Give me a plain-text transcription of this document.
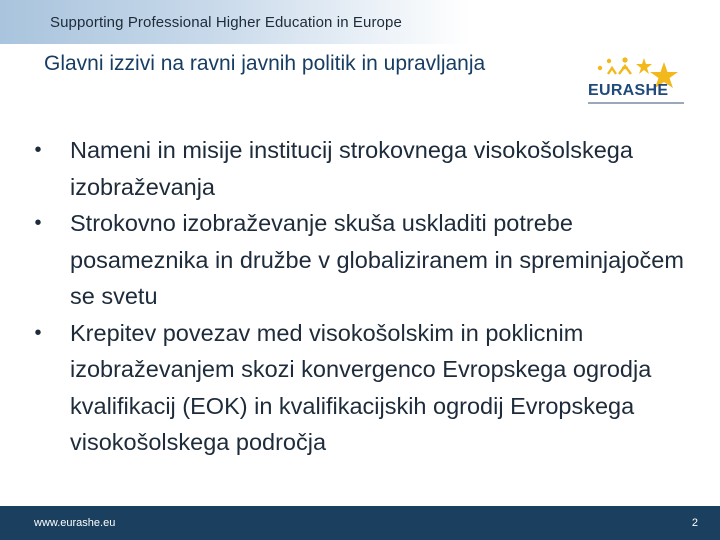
Supporting Professional Higher Education in Europe
Glavni izzivi na ravni javnih politik in upravljanja
EURASHE
• Nameni in misije institucij strokovnega visokošolskega izobraževanja
• Strokovno izobraževanje skuša uskladiti potrebe posameznika in družbe v globaliziranem in spreminjajočem se svetu
• Krepitev povezav med visokošolskim in poklicnim izobraževanjem skozi konvergenco Evropskega ogrodja kvalifikacij (EOK) in kvalifikacijskih ogrodij Evropskega visokošolskega področja
www.eurashe.eu	2
